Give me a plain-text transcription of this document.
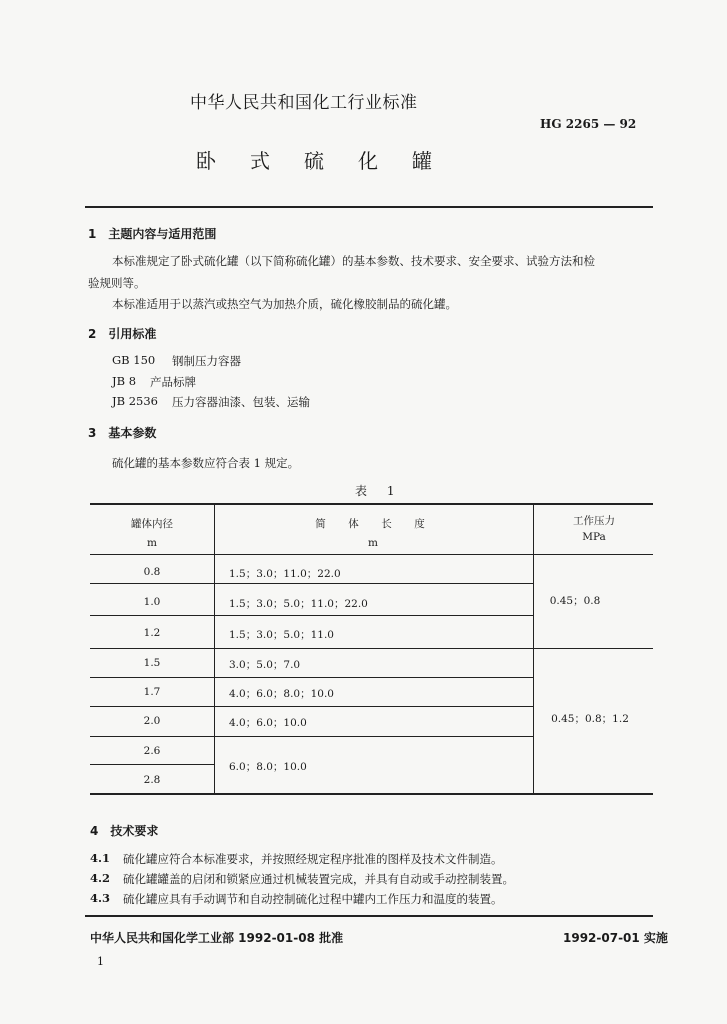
中华人民共和国化工行业标准
HG 2265 — 92
卧式硫化罐
1　主题内容与适用范围
本标准规定了卧式硫化罐（以下简称硫化罐）的基本参数、技术要求、安全要求、试验方法和检
验规则等。
本标准适用于以蒸汽或热空气为加热介质，硫化橡胶制品的硫化罐。
2　引用标准
GB 150 钢制压力容器
JB 8 产品标牌
JB 2536 压力容器油漆、包装、运输
3　基本参数
硫化罐的基本参数应符合表 1 规定。
表 1
罐体内径
m
简　体　长　度
m
工作压力
MPa
0.8
1.0
1.2
1.5
1.7
2.0
2.6
2.8
1.5；3.0；11.0；22.0
1.5；3.0；5.0；11.0；22.0
1.5；3.0；5.0；11.0
3.0；5.0；7.0
4.0；6.0；8.0；10.0
4.0；6.0；10.0
6.0；8.0；10.0
0.45；0.8
0.45；0.8；1.2
4　技术要求
4.1 硫化罐应符合本标准要求，并按照经规定程序批准的图样及技术文件制造。
4.2 硫化罐罐盖的启闭和锁紧应通过机械装置完成，并具有自动或手动控制装置。
4.3 硫化罐应具有手动调节和自动控制硫化过程中罐内工作压力和温度的装置。
中华人民共和国化学工业部 1992-01-08 批准	1992-07-01 实施
1
